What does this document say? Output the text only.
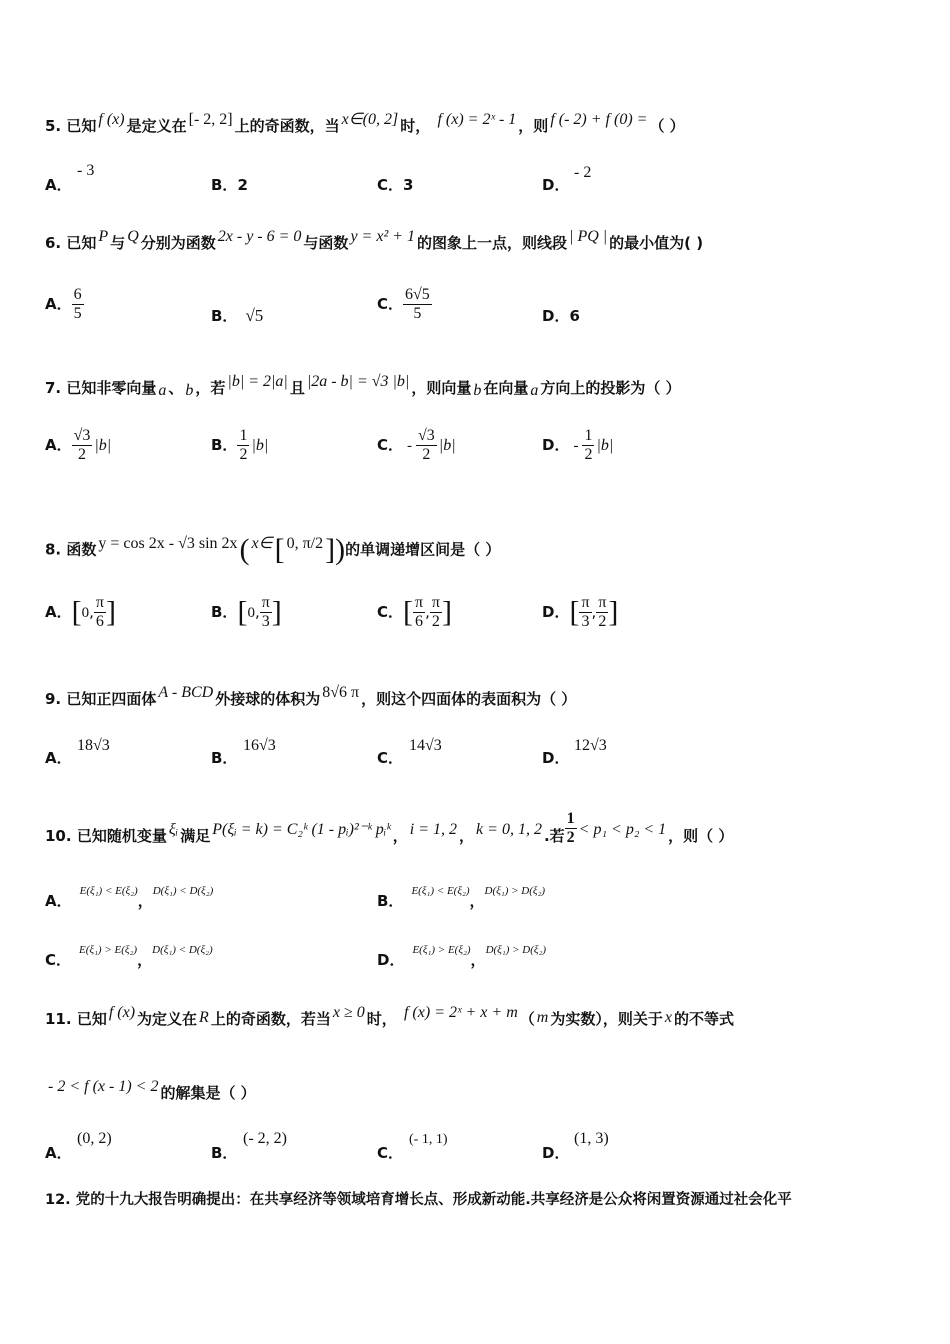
5. 已知 f (x) 是定义在 [- 2, 2] 上的奇函数，当 x∈(0, 2] 时， f (x) = 2ˣ - 1 ，则 f (- 2) + f (0) = （ ）
A．
- 3
B．2	C．3	D．
- 2
6. 已知 P 与 Q 分别为函数 2x - y - 6 = 0 与函数 y = x² + 1 的图象上一点，则线段 | PQ | 的最小值为( )
A． $\frac{6}{5}$	B． √5
C． $\frac{6√5}{5}$	D．6
7. 已知非零向量 a 、 b ，若 |b| = 2|a| 且 |2a - b| = √3 |b| ，则向量 b 在向量 a 方向上的投影为（ ）
A． $\frac{√3}{2} |b|$	B． $\frac{1}{2} |b|$	C． - $\frac{√3}{2} |b|$	D． - $\frac{1}{2} |b|$
8. 函数 y = cos 2x - √3 sin 2x( x∈[ 0, π/2])的单调递增区间是（ ）
A．[0, $\frac{\pi}{6}$ ]	B．[0, $\frac{\pi}{3}$ ]	C．[ $\frac{\pi}{6}$ , $\frac{\pi}{2}$ ]	D．[ $\frac{\pi}{3}$ , $\frac{\pi}{2}$ ]
9. 已知正四面体 A - BCD 外接球的体积为 8√6 π ，则这个四面体的表面积为（ ）
A．
18√3
B．
16√3
C．
14√3
D．
12√3
10. 已知随机变量 ξᵢ 满足 P(ξᵢ = k) = C₂ᵏ (1 - pᵢ)²⁻ᵏ pᵢᵏ ， i = 1, 2 ， k = 0, 1, 2 .若 $\frac{1}{2} < p_1 < p_2 < 1$ ，则（ ）
A．$^{E(\xi_1) < E(\xi_2)}$，$^{D(\xi_1) < D(\xi_2)}$
B．$^{E(\xi_1) < E(\xi_2)}$，$^{D(\xi_1) > D(\xi_2)}$
C．$^{E(\xi_1) > E(\xi_2)}$，$^{D(\xi_1) < D(\xi_2)}$
D．$^{E(\xi_1) > E(\xi_2)}$，$^{D(\xi_1) > D(\xi_2)}$
11. 已知 f (x) 为定义在 R 上的奇函数，若当 x ≥ 0 时， f (x) = 2ˣ + x + m （ m 为实数），则关于 x 的不等式
- 2 < f (x - 1) < 2 的解集是（ ）
A．
(0, 2)
B．
(- 2, 2)
C．
(- 1, 1)
D．
(1, 3)
12. 党的十九大报告明确提出：在共享经济等领域培育增长点、形成新动能.共享经济是公众将闲置资源通过社会化平
